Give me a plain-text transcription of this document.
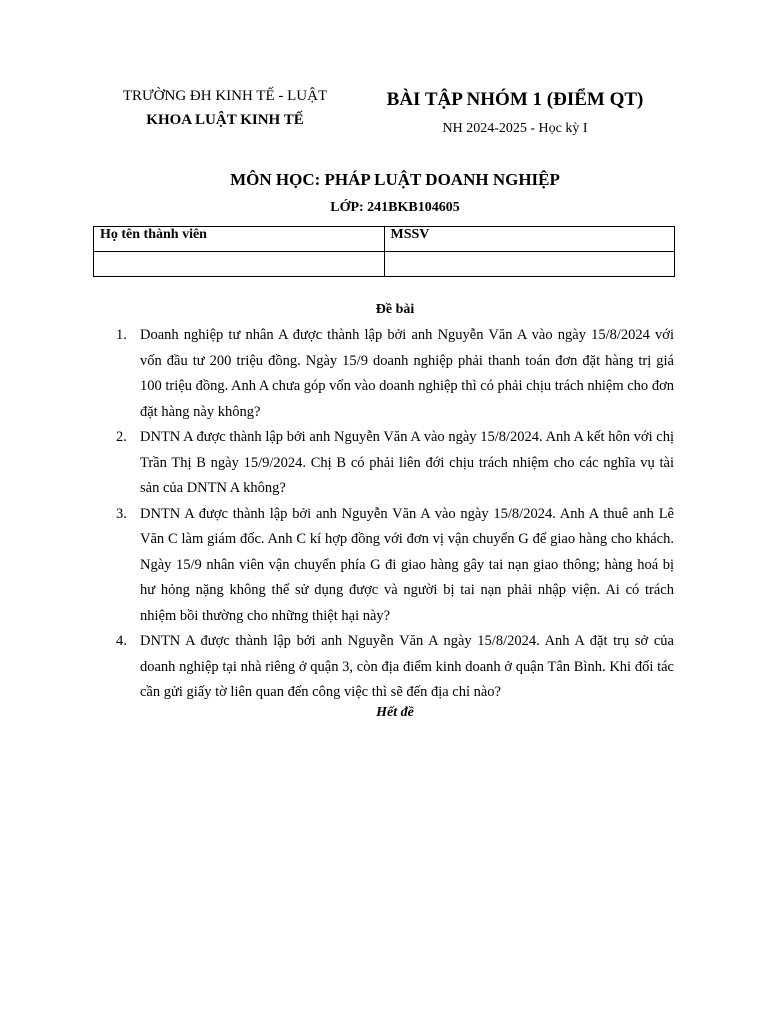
TRƯỜNG ĐH KINH TẾ - LUẬT
KHOA LUẬT KINH TẾ
BÀI TẬP NHÓM 1 (ĐIỂM QT)
NH 2024-2025 - Học kỳ I
MÔN HỌC: PHÁP LUẬT DOANH NGHIỆP
LỚP: 241BKB104605
Họ tên thành viên	MSSV

Đề bài
1. Doanh nghiệp tư nhân A được thành lập bởi anh Nguyễn Văn A vào ngày 15/8/2024 với vốn đầu tư 200 triệu đồng. Ngày 15/9 doanh nghiệp phải thanh toán đơn đặt hàng trị giá 100 triệu đồng. Anh A chưa góp vốn vào doanh nghiệp thì có phải chịu trách nhiệm cho đơn đặt hàng này không?
2. DNTN A được thành lập bởi anh Nguyễn Văn A vào ngày 15/8/2024. Anh A kết hôn với chị Trần Thị B ngày 15/9/2024. Chị B có phải liên đới chịu trách nhiệm cho các nghĩa vụ tài sản của DNTN A không?
3. DNTN A được thành lập bởi anh Nguyễn Văn A vào ngày 15/8/2024. Anh A thuê anh Lê Văn C làm giám đốc. Anh C kí hợp đồng với đơn vị vận chuyển G để giao hàng cho khách. Ngày 15/9 nhân viên vận chuyển phía G đi giao hàng gây tai nạn giao thông; hàng hoá bị hư hỏng nặng không thể sử dụng được và người bị tai nạn phải nhập viện. Ai có trách nhiệm bồi thường cho những thiệt hại này?
4. DNTN A được thành lập bởi anh Nguyễn Văn A ngày 15/8/2024. Anh A đặt trụ sở của doanh nghiệp tại nhà riêng ở quận 3, còn địa điểm kinh doanh ở quận Tân Bình. Khi đối tác cần gửi giấy tờ liên quan đến công việc thì sẽ đến địa chỉ nào?
Hết đề
